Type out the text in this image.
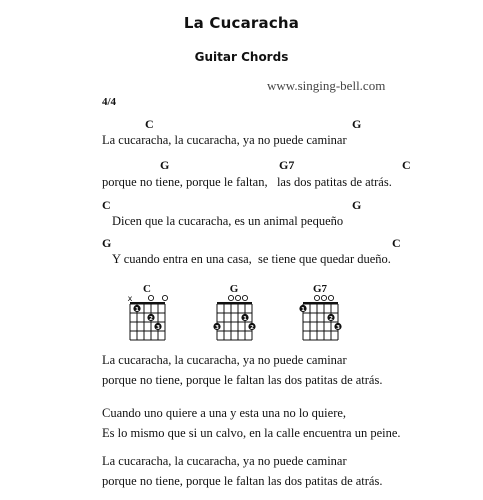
La Cucaracha
Guitar Chords
www.singing-bell.com
4/4
C	G
La cucaracha, la cucaracha, ya no puede caminar
G	G7	C
porque no tiene, porque le faltan,   las dos patitas de atrás.
C	G
Dicen que la cucaracha, es un animal pequeño
G	C
Y cuando entra en una casa,  se tiene que quedar dueño.
C
x
3
2
1
G
2
1
3
G7
3
2
1
La cucaracha, la cucaracha, ya no puede caminar
porque no tiene, porque le faltan las dos patitas de atrás.
Cuando uno quiere a una y esta una no lo quiere,
Es lo mismo que si un calvo, en la calle encuentra un peine.
La cucaracha, la cucaracha, ya no puede caminar
porque no tiene, porque le faltan las dos patitas de atrás.
